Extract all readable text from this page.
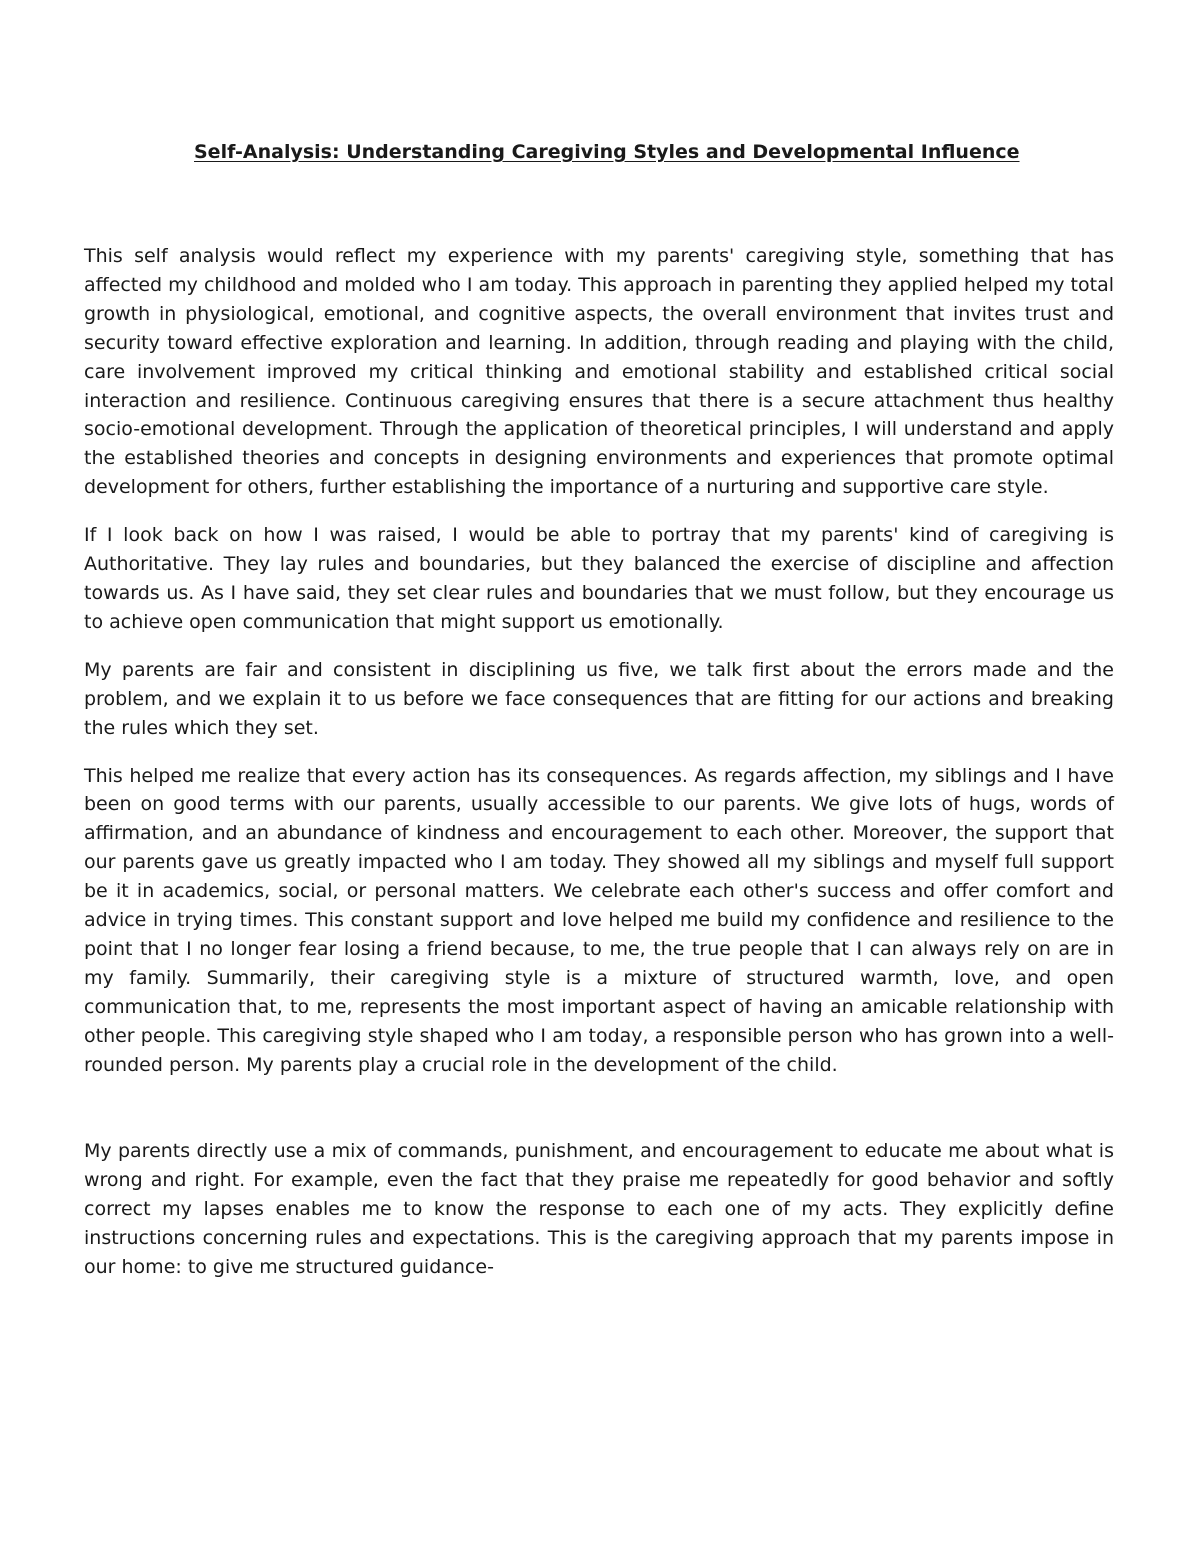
Self-Analysis: Understanding Caregiving Styles and Developmental Influence

This self analysis would reflect my experience with my parents' caregiving style, something that has affected my childhood and molded who I am today. This approach in parenting they applied helped my total growth in physiological, emotional, and cognitive aspects, the overall environment that invites trust and security toward effective exploration and learning. In addition, through reading and playing with the child, care involvement improved my critical thinking and emotional stability and established critical social interaction and resilience. Continuous caregiving ensures that there is a secure attachment thus healthy socio-emotional development. Through the application of theoretical principles, I will understand and apply the established theories and concepts in designing environments and experiences that promote optimal development for others, further establishing the importance of a nurturing and supportive care style.

If I look back on how I was raised, I would be able to portray that my parents' kind of caregiving is Authoritative. They lay rules and boundaries, but they balanced the exercise of discipline and affection towards us. As I have said, they set clear rules and boundaries that we must follow, but they encourage us to achieve open communication that might support us emotionally.

My parents are fair and consistent in disciplining us five, we talk first about the errors made and the problem, and we explain it to us before we face consequences that are fitting for our actions and breaking the rules which they set.

This helped me realize that every action has its consequences. As regards affection, my siblings and I have been on good terms with our parents, usually accessible to our parents. We give lots of hugs, words of affirmation, and an abundance of kindness and encouragement to each other. Moreover, the support that our parents gave us greatly impacted who I am today. They showed all my siblings and myself full support be it in academics, social, or personal matters. We celebrate each other's success and offer comfort and advice in trying times. This constant support and love helped me build my confidence and resilience to the point that I no longer fear losing a friend because, to me, the true people that I can always rely on are in my family. Summarily, their caregiving style is a mixture of structured warmth, love, and open communication that, to me, represents the most important aspect of having an amicable relationship with other people. This caregiving style shaped who I am today, a responsible person who has grown into a well-rounded person. My parents play a crucial role in the development of the child.

My parents directly use a mix of commands, punishment, and encouragement to educate me about what is wrong and right. For example, even the fact that they praise me repeatedly for good behavior and softly correct my lapses enables me to know the response to each one of my acts. They explicitly define instructions concerning rules and expectations. This is the caregiving approach that my parents impose in our home: to give me structured guidance-
